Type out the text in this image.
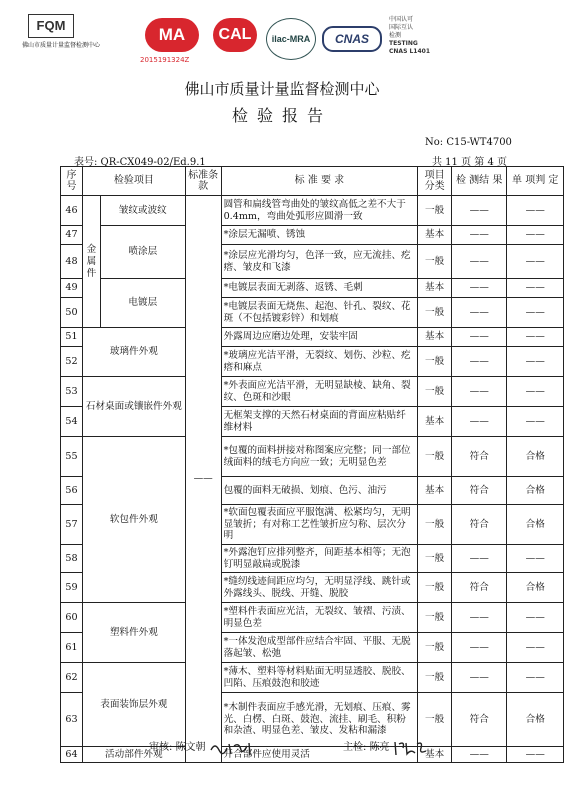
FQM
佛山市质量计量监督检测中心
MA
2015191324Z
CAL	ilac-MRA	CNAS
中国认可
国际互认
检测
TESTING
CNAS L1401
佛山市质量计量监督检测中心
检验报告
No: C15-WT4700
表号: QR-CX049-02/Ed.9.1	共 11 页 第 4 页
序号	检验项目		标准条款	标 准 要 求	项目分类	检 测结 果	单 项判 定
46	金属件	皱纹或波纹	——	圆管和扁线管弯曲处的皱纹高低之差不大于0.4mm，弯曲处弧形应圆滑一致	一般	——	——
47		喷涂层		*涂层无漏喷、锈蚀	基本	——	——
48				*涂层应光滑均匀，色泽一致，应无流挂、疙瘩、皱皮和飞漆	一般	——	——
49		电镀层		*电镀层表面无剥落、返锈、毛刺	基本	——	——
50				*电镀层表面无烧焦、起泡、针孔、裂纹、花斑（不包括镀彩锌）和划痕	一般	——	——
51	玻璃件外观			外露周边应磨边处理，安装牢固	基本	——	——
52				*玻璃应光洁平滑，无裂纹、划伤、沙粒、疙瘩和麻点	一般	——	——
53	石材桌面或镶嵌件外观			*外表面应光洁平滑，无明显缺棱、缺角、裂纹、色斑和沙眼	一般	——	——
54				无框架支撑的天然石材桌面的背面应粘贴纤维材料	基本	——	——
55	软包件外观			*包覆的面料拼接对称图案应完整；同一部位绒面料的绒毛方向应一致；无明显色差	一般	符合	合格
56				包覆的面料无破损、划痕、色污、油污	基本	符合	合格
57				*软面包覆表面应平服饱满、松紧均匀，无明显皱折；有对称工艺性皱折应匀称、层次分明	一般	符合	合格
58				*外露泡钉应排列整齐，间距基本相等；无泡钉明显敲扁或脱漆	一般	——	——
59				*缝纫线迹间距应均匀，无明显浮线、跳针或外露线头、脱线、开缝、脱胶	一般	符合	合格
60	塑料件外观			*塑料件表面应光洁，无裂纹、皱褶、污渍、明显色差	一般	——	——
61				*一体发泡成型部件应结合牢固、平服、无脱落起皱、松弛	一般	——	——
62	表面装饰层外观			*薄木、塑料等材料贴面无明显透胶、脱胶、凹陷、压痕鼓泡和胶迹	一般	——	——
63				*木制件表面应手感光滑，无划痕、压痕、雾光、白楞、白斑、鼓泡、流挂、刷毛、积粉和杂渣、明显色差、皱皮、发粘和漏漆	一般	符合	合格
64	活动部件外观			开合部件应使用灵活	基本	——	——
审核: 陈文朝	主检: 陈亮
